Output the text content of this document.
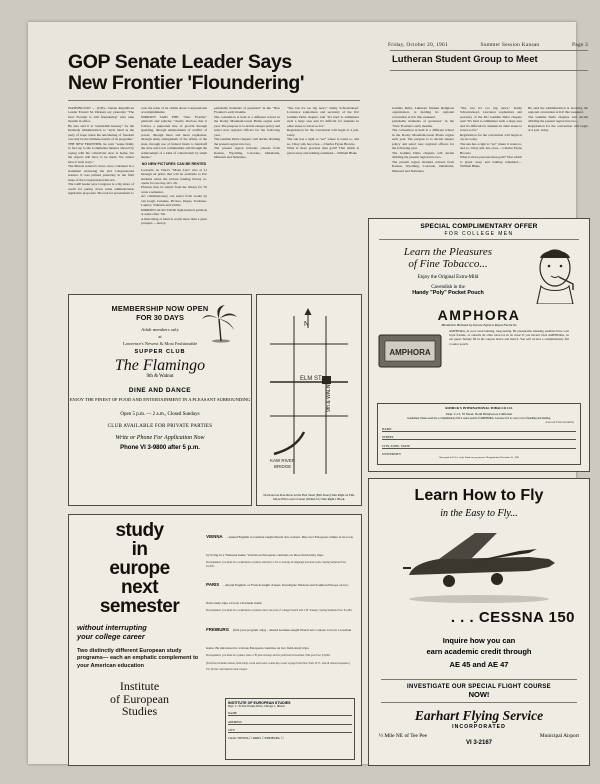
Friday, October 20, 1961	Summer Session Kansan	Page 3
GOP Senate Leader Says
New Frontier 'Floundering'
WASHINGTON — (UPI)—Senate Republican Leader Everett M. Dirksen say yesterday "The New Frontier is still floundering" after nine months in office.
He also said it is "outlandish hearsay" for the Kennedy administration to "style itself as the party of hope when the smothering of freedom can only be the ultimate results of its programs."
THE NEW FRONTIER, he said, "seeks firmly to face up to the Communist menace abroad by toying with the collectivist view at home, but the objects will have to be made. We cannot have it both ways."
The Illinois senator's views were contained in a statement reviewing the 2nd Congressional session. It was printed yesterday in the final issue of the Congressional Record.
The GOP leader says Congress is a big share of credit for paring down some administration legislative proposals. He took for government to
took the reins of its claims about Congressional accomplishments.
DIRKSEN SAID THE: "New Frontier" platform and policies "clearly disclose that it follows a purported line of growth through spending, through enhancement of conflict of power, through more and more regulation, through sharp enlargement of the affairs of the state, through use of federal funds to handcuff the state and local communities and through the achievement of a kind of collectivism by small means."
NO NEW PICTURES CAN BE RENTED
Leonardo da Vinci's "Mona Lisa" who at 21 through 24 prints that will be available to KU students when the picture lending library re-opens for one day, Oct. 26.
Pictures may be rented from the library for 50 cents a semester.
Art commissionary can select from works by van Gogh, Cezanne, Picasso, Degas, Toulouse-Lautrec, Vallenck and Utrillo.
DIRKSEN ALSO TOOK light-hearted potshots at some other "im-
A little thing at hand is worth more than a great prospect.—Aesop
Gamma Delta, Lutheran Student Religious organization, is holding its regional convention at KU this weekend.
perishable moments of greatness" in the "New Frontier's early months.
The convention is held at a different school in the Rocky Mountain-Great Plains region each year. The purpose is to decide sleeper policy and select new regional officers for the following year.
The Gamma Delta chapters will decide dividing the present region into two.
The present region includes schools from Kansas, Wyoming, Colorado, Oklahoma, Missouri and Nebraska.
"She lost it's too big news," Kathy Schwartzkopf, Lawrence sophomore and secretary of the KU Gamma Delta chapter, said "It's hard to administer such a large area and it's difficult for students in other states to travel so far."
Registration for the convention will begin at 4 p.m. today.
The sun has a right to "set" where it wants to, and so, I may add, has a bee.—Charles Fayne Browne
What is more precious than gold? That which is given away and nothing remained.—William Blake
He said the administration is boosting the regional convention at KU this weekend.
The Gamma Delta chapters will decide dividing the present region into two.
Registration for the convention will begin at 4 p.m. today.
perishable moments of greatness" in the "New Frontier's early months.
The convention is held at a different school in the Rocky Mountain-Great Plains region each year. The purpose is to decide sleeper policy and select new regional officers for the following year.
The Gamma Delta chapters will decide dividing the present region into two.
The present region includes schools from Kansas, Wyoming, Colorado, Oklahoma, Missouri and Nebraska.
"She lost it's too big news," Kathy Schwartzkopf, Lawrence sophomore and secretary of the KU Gamma Delta chapter, said "It's hard to administer such a large area and it's difficult for students in other states to travel so far."
Registration for the convention will begin at 4 p.m. today.
The sun has a right to "set" where it wants to, and so, I may add, has a bee.—Charles Fayne Browne
What is more precious than gold? That which is given away and nothing remained.—William Blake
Lutheran Student Group to Meet
MEMBERSHIP NOW OPEN
FOR 30 DAYS
Adult members only
at
Lawrence's Newest & Most Fashionable
SUPPER CLUB
The Flamingo
9th & Walnut
DINE AND DANCE
ENJOY THE FINEST OF FOOD AND ENTERTAINMENT IN A PLEASANT SURROUNDING
Open 5 p.m. — 2 a.m., Closed Sundays
CLUB AVAILABLE FOR PRIVATE PARTIES
Write or Phone For Application Now
Phone VI 3-9800 after 5 p.m.
N
ELM ST. 9th & WALNUT
KAW RIVER
BRIDGE
North Across Kaw River At the First Street (Elm Street) Turn Right on Elm, follow Elm to end of street (Walnut St.) Turn Right 1 Block.
SPECIAL COMPLIMENTARY OFFER
FOR COLLEGE MEN
Learn the Pleasures
of Fine Tobacco...
Enjoy the Original Extra-Mild
Cavendish in the
Handy "Poly" Pocket Pouch
AMPHORA
Blended in Holland by Douwe Egberts Royal Factories
AMPHORA
AMPHORA, in cool, even burning, long-lasting. Be pleasurable smoking qualities have won loyal friends—it outsells all other tobaccos in its class! If you haven't tried AMPHORA, be our guest. Simply fill in the coupon below and mail it. You will receive a complimentary full 2 ounce pouch.
ROMICK'S INTERNATIONAL TOBACCO CO.
Dept. C-15, 55 Street, North Hollywood, California
Gentlemen: Please send me a complimentary full 2-ounce pouch of AMPHORA. I enclose 10¢ to cover cost of handling and mailing.
(PLEASE TYPE OR PRINT)
NAME
STREET
CITY, ZONE, STATE
UNIVERSITY
Offer good in U.S.A. only. Limit one per person. Not good after December 31, 1961
Learn How to Fly
in the Easy to Fly...
. . . CESSNA 150
Inquire how you can
earn academic credit through
AE 45 and AE 47
INVESTIGATE OUR SPECIAL FLIGHT COURSE
NOW!
Earhart Flying Service
INCORPORATED
½ Mile NE of Tee Pee	Municipal Airport
VI 3-2167
study
in
europe
next
semester
without interrupting
your college career
Two distinctly different European study programs— each an emphatic complement to your American education
Institute
of European
Studies
VIENNA - Attend English or German taught liberal arts courses. Discover European culture at its roots by living in a Viennese home. Visit more European countries on three field-study trips.
Prerequisites: you must be a sophomore or junior and have a 2.0 or average in language previous work. Spring Semester Fee: $1,435.
PARIS - Attend English- or French-taught classes. Investigate Western and Southern Europe on two field-study trips. Live in a Parisian home.
Prerequisites: you must be a sophomore or junior, have one year of college French and a 'B' average. Spring Semester Fee: $1,495.
FREIBURG (full-year program only) - Attend German-taught liberal arts courses. Live in a German home. Be introduced to various European countries on two field-study trips.
Prerequisites: you must be a junior, have a 'B' plus average and be proficient in German. Full-year Fee: $1,000.
(Each fee includes tuition, field study, room and board, round-trip ocean voyage from New York, N.Y., and all related expenses.)
For further information mail coupon
INSTITUTE OF EUROPEAN STUDIES
Dept. C, 35 East Wacker Drive, Chicago 1, Illinois
NAME
ADDRESS
CITY
Check: VIENNA ☐ PARIS ☐ FREIBURG ☐
